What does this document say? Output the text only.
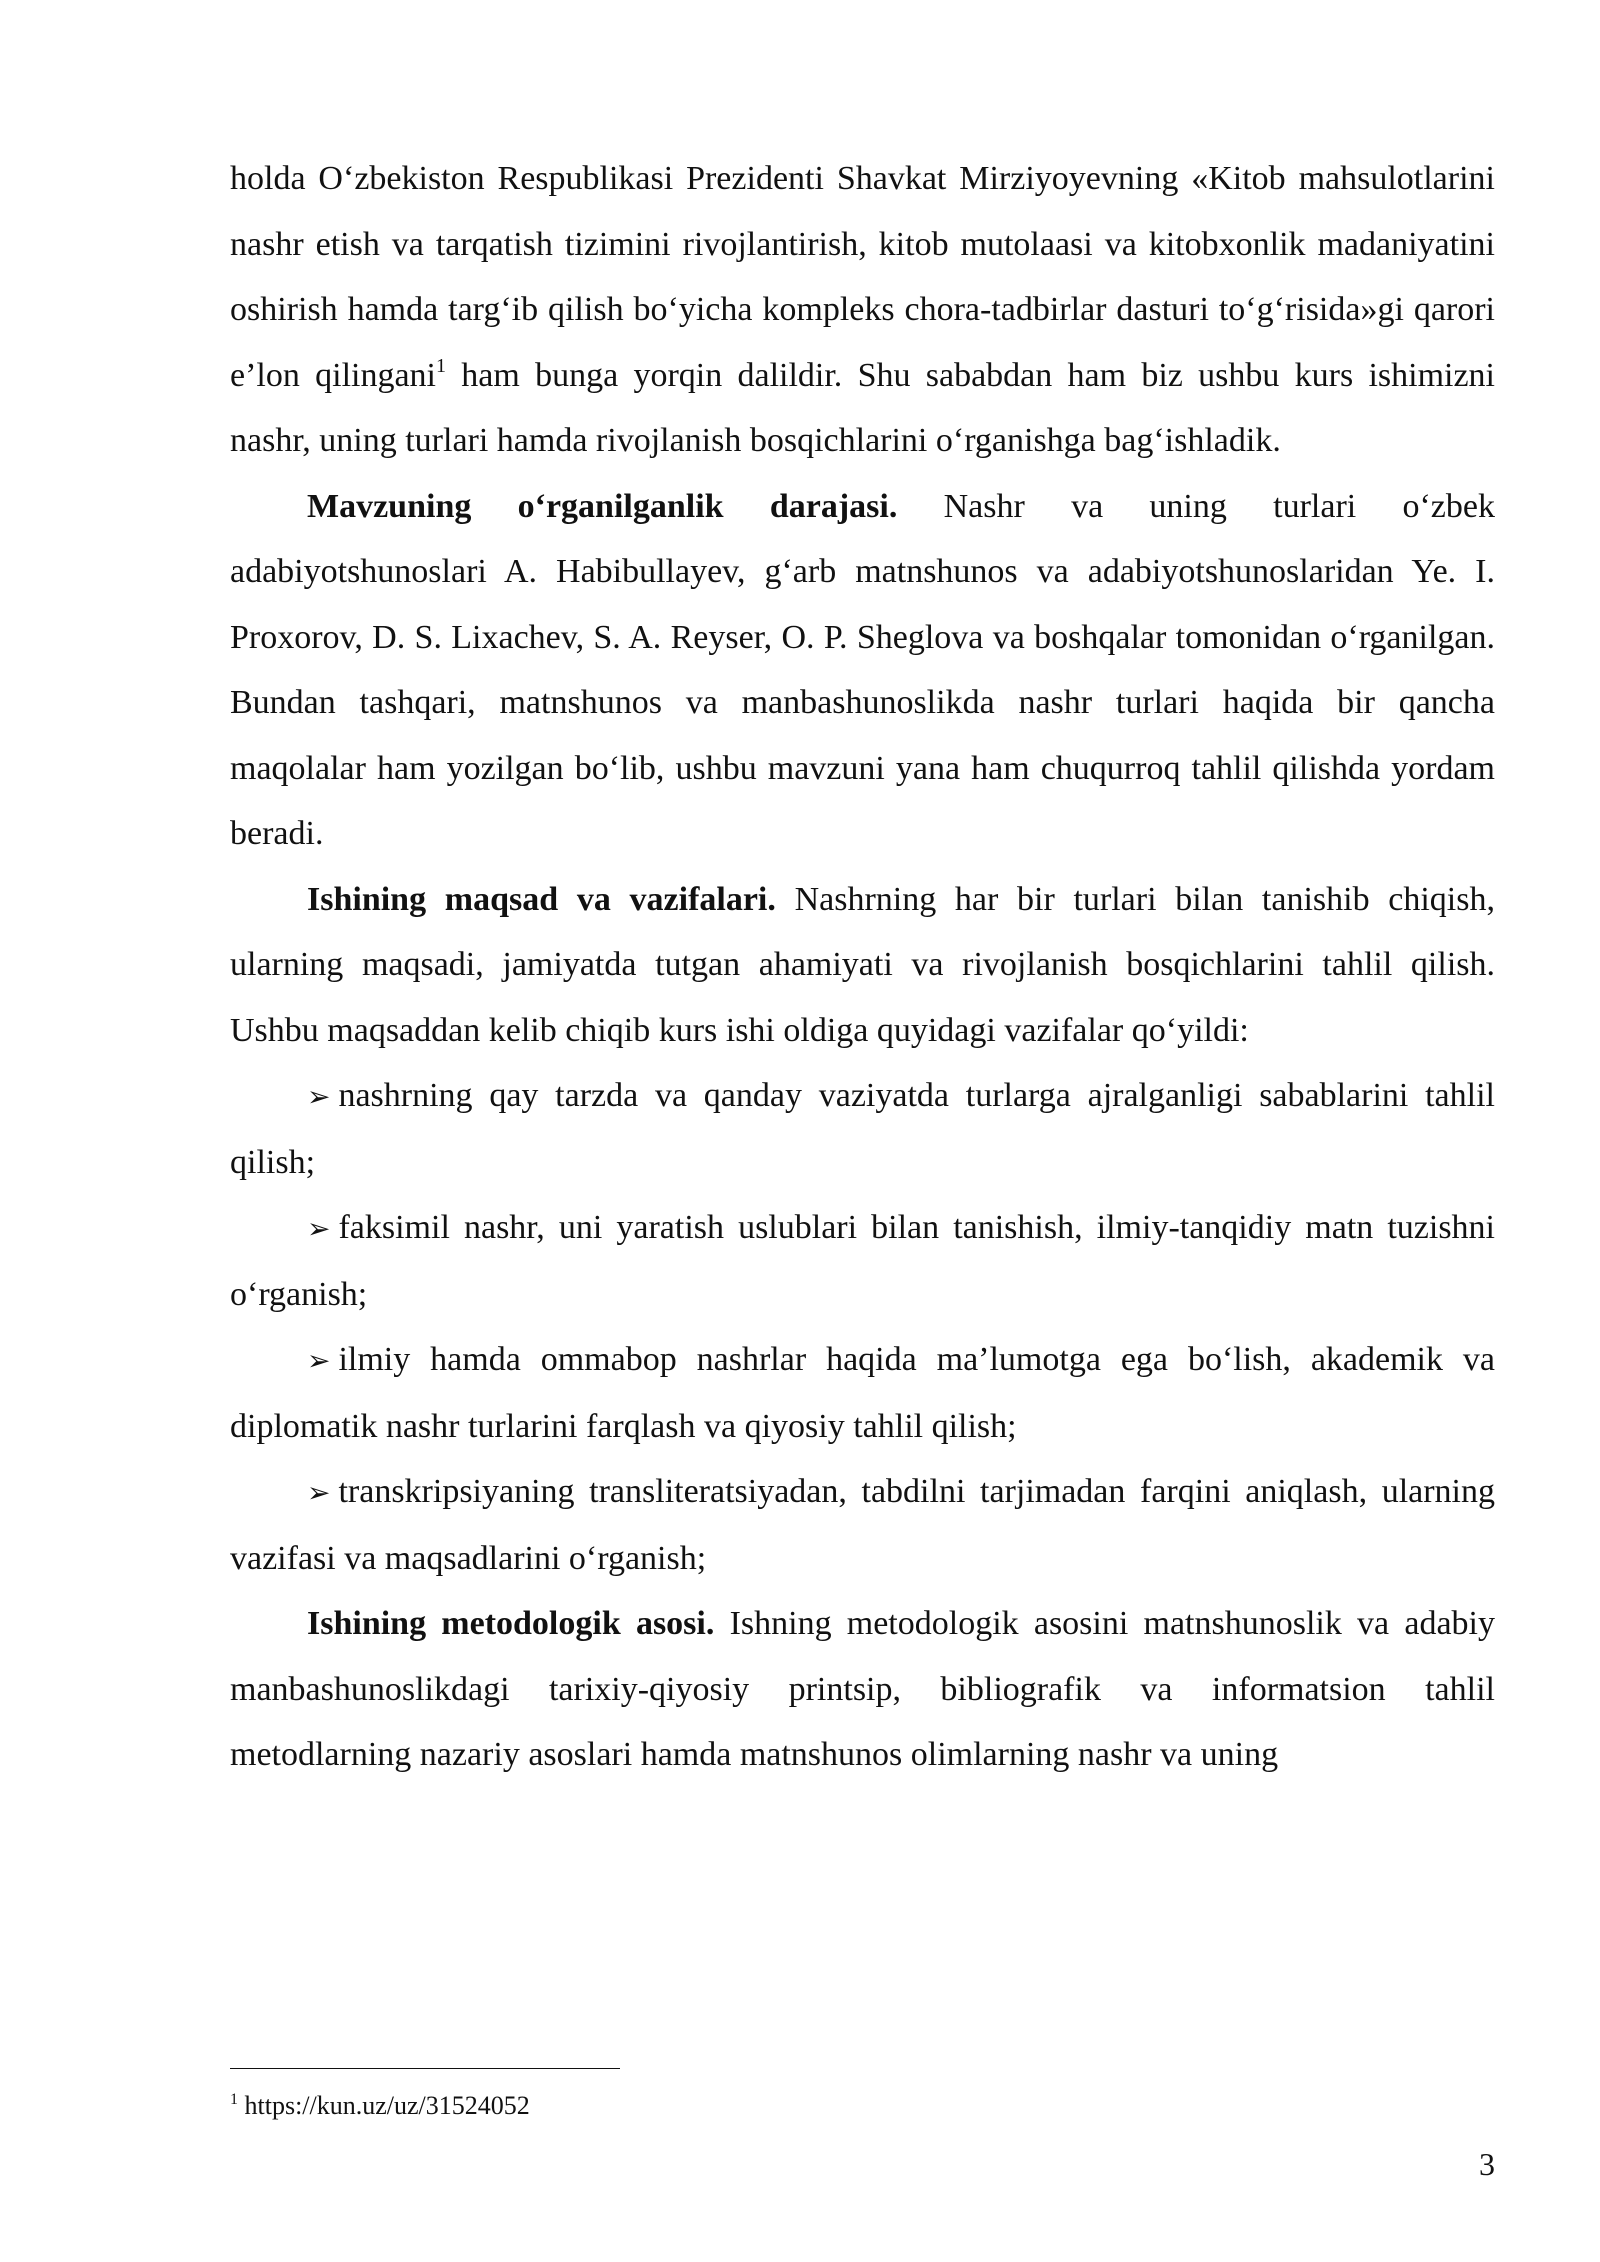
holda O‘zbekiston Respublikasi Prezidenti Shavkat Mirziyoyevning «Kitob mahsulotlarini nashr etish va tarqatish tizimini rivojlantirish, kitob mutolaasi va kitobxonlik madaniyatini oshirish hamda targ‘ib qilish bo‘yicha kompleks chora-tadbirlar dasturi to‘g‘risida»gi qarori e’lon qilingani$^1$ ham bunga yorqin dalildir. Shu sababdan ham biz ushbu kurs ishimizni nashr, uning turlari hamda rivojlanish bosqichlarini o‘rganishga bag‘ishladik.

Mavzuning o‘rganilganlik darajasi. Nashr va uning turlari o‘zbek adabiyotshunoslari A. Habibullayev, g‘arb matnshunos va adabiyotshunoslaridan Ye. I. Proxorov, D. S. Lixachev, S. A. Reyser, O. P. Sheglova va boshqalar tomonidan o‘rganilgan. Bundan tashqari, matnshunos va manbashunoslikda nashr turlari haqida bir qancha maqolalar ham yozilgan bo‘lib, ushbu mavzuni yana ham chuqurroq tahlil qilishda yordam beradi.

Ishining maqsad va vazifalari. Nashrning har bir turlari bilan tanishib chiqish, ularning maqsadi, jamiyatda tutgan ahamiyati va rivojlanish bosqichlarini tahlil qilish. Ushbu maqsaddan kelib chiqib kurs ishi oldiga quyidagi vazifalar qo‘yildi:

➢ nashrning qay tarzda va qanday vaziyatda turlarga ajralganligi sabablarini tahlil qilish;

➢ faksimil nashr, uni yaratish uslublari bilan tanishish, ilmiy-tanqidiy matn tuzishni o‘rganish;

➢ ilmiy hamda ommabop nashrlar haqida ma’lumotga ega bo‘lish, akademik va diplomatik nashr turlarini farqlash va qiyosiy tahlil qilish;

➢ transkripsiyaning transliteratsiyadan, tabdilni tarjimadan farqini aniqlash, ularning vazifasi va maqsadlarini o‘rganish;

Ishining metodologik asosi. Ishning metodologik asosini matnshunoslik va adabiy manbashunoslikdagi tarixiy-qiyosiy printsip, bibliografik va informatsion tahlil metodlarning nazariy asoslari hamda matnshunos olimlarning nashr va uning

$^1$ https://kun.uz/uz/31524052
3
